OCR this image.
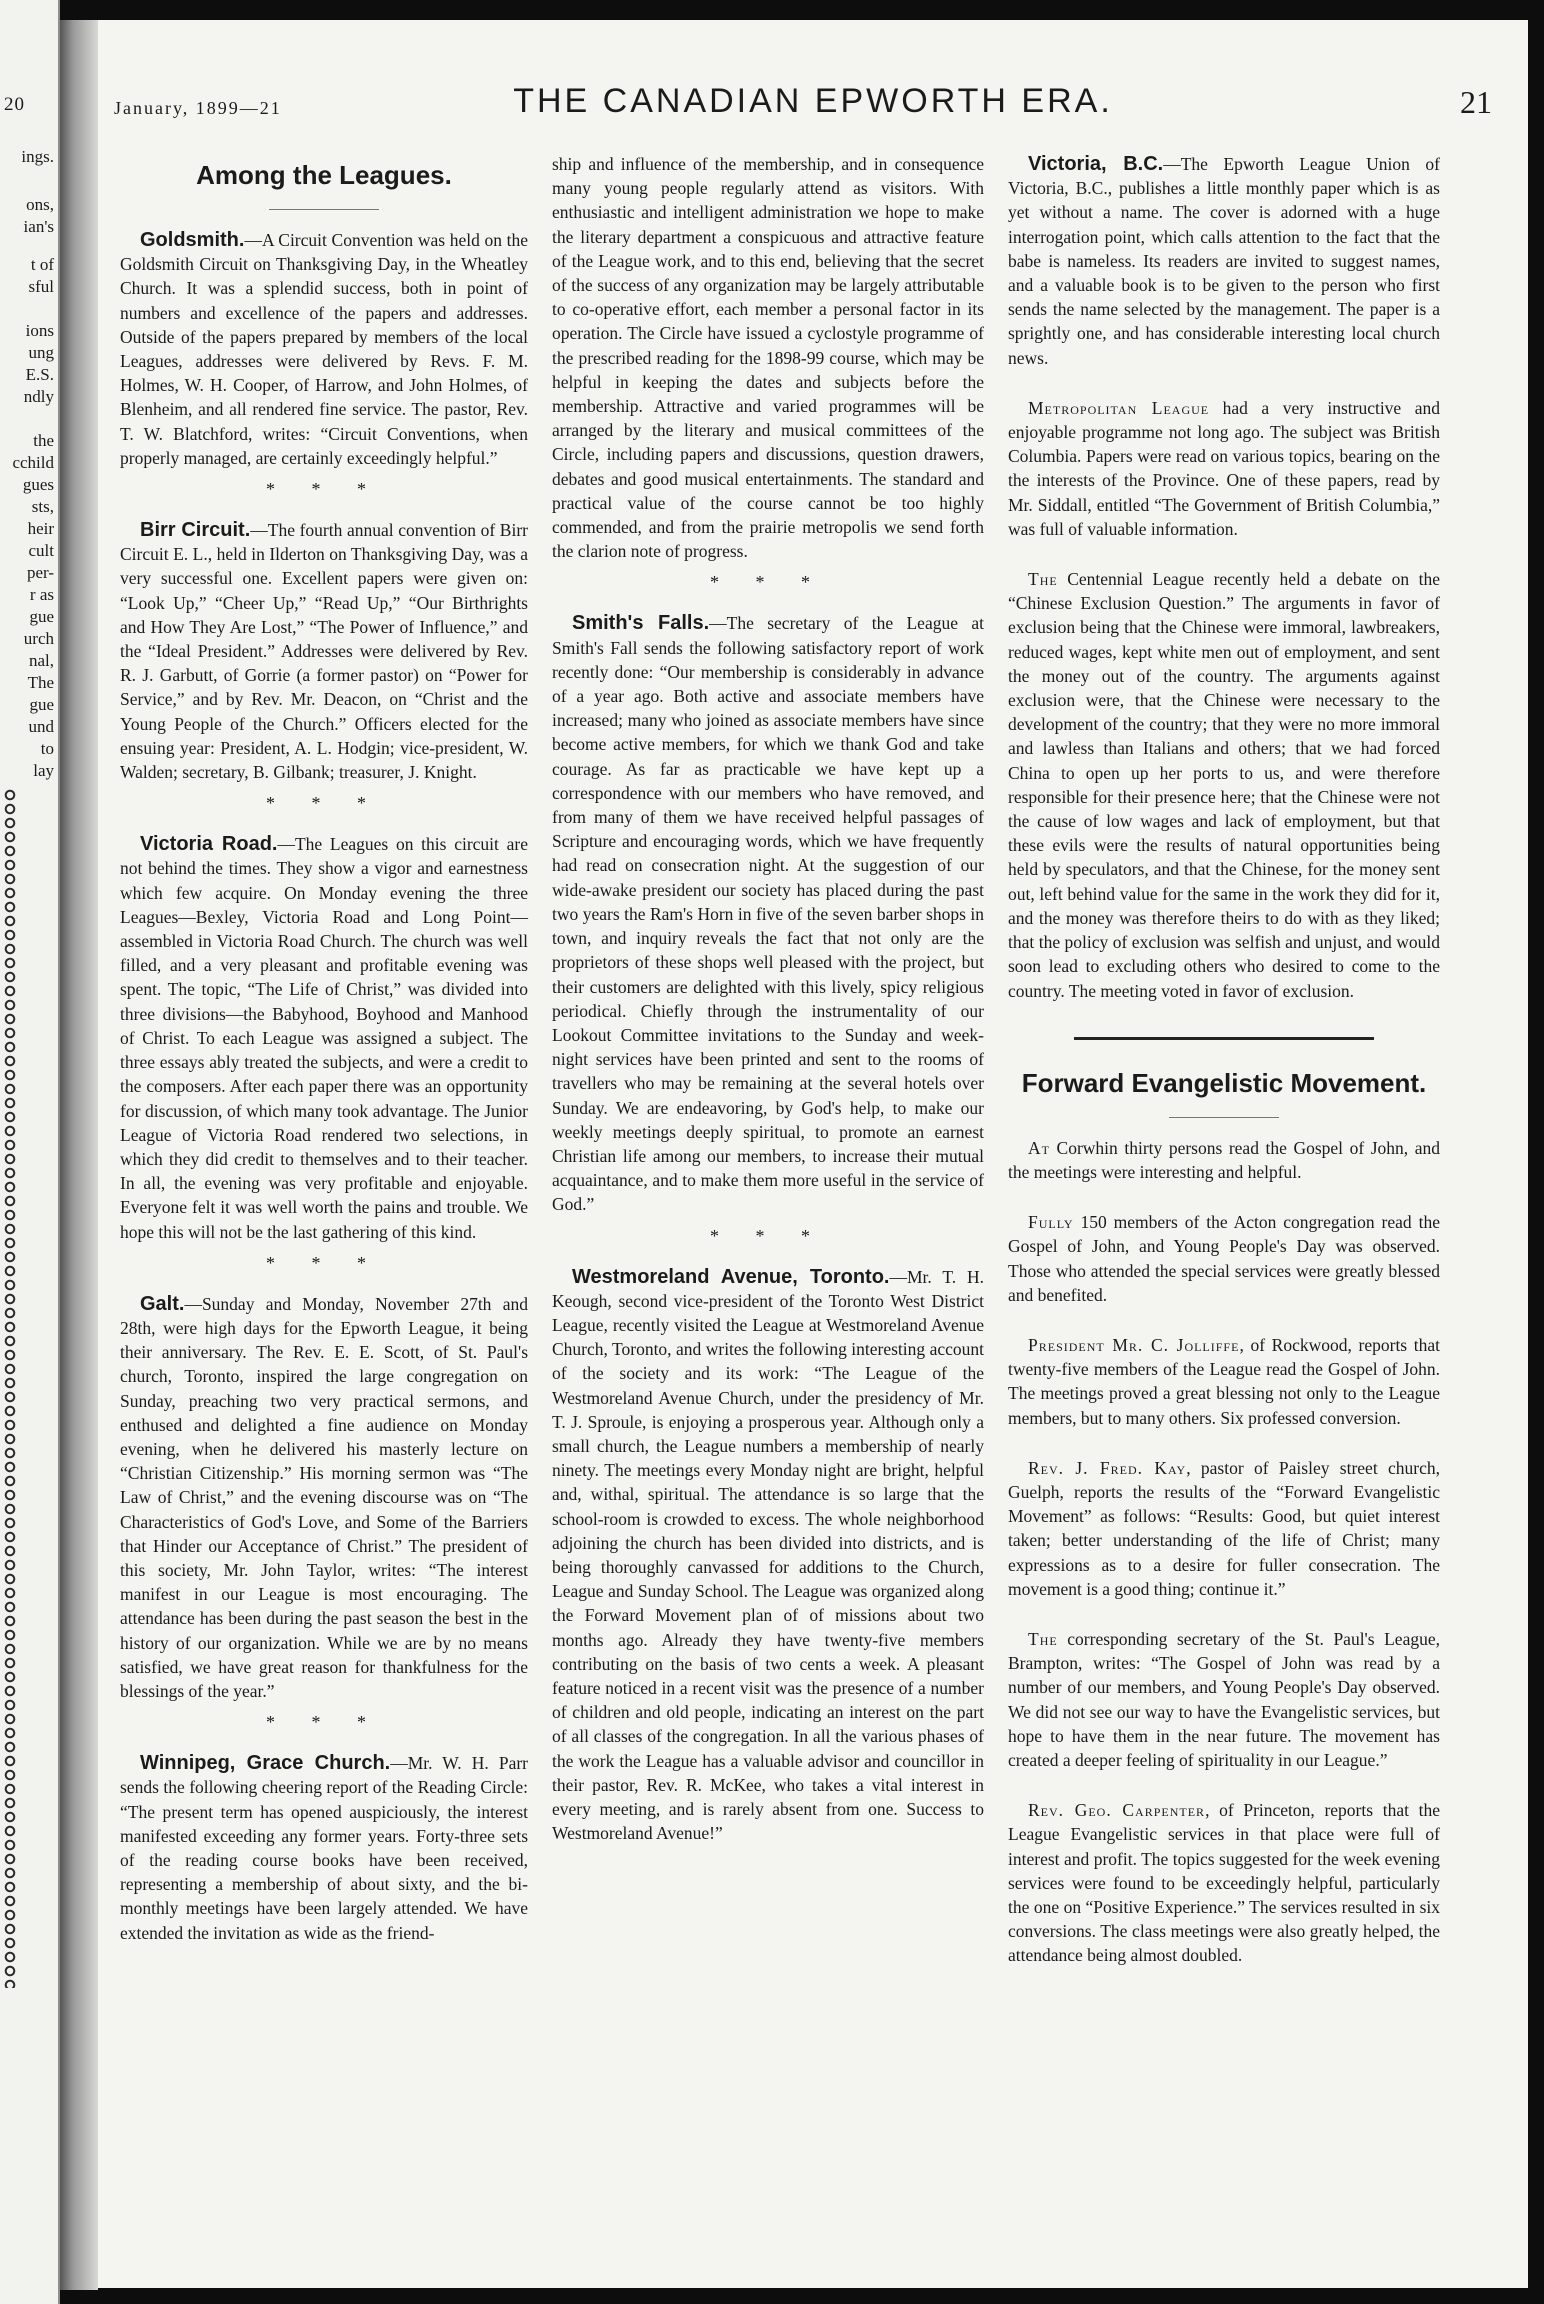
20
ings.
ons,
ian's
t of
sful
ions
ung
E.S.
ndly
the
cchild
gues
sts,
heir
cult
per-
r as
gue
urch
nal,
The
gue
und
to
lay
January, 1899—21	THE CANADIAN EPWORTH ERA.	21
Among the Leagues.

Goldsmith.—A Circuit Convention was held on the Goldsmith Circuit on Thanksgiving Day, in the Wheatley Church. It was a splendid success, both in point of numbers and excellence of the papers and addresses. Outside of the papers prepared by members of the local Leagues, addresses were delivered by Revs. F. M. Holmes, W. H. Cooper, of Harrow, and John Holmes, of Blenheim, and all rendered fine service. The pastor, Rev. T. W. Blatchford, writes: “Circuit Conventions, when properly managed, are certainly exceedingly helpful.”

* * *

Birr Circuit.—The fourth annual convention of Birr Circuit E. L., held in Ilderton on Thanksgiving Day, was a very successful one. Excellent papers were given on: “Look Up,” “Cheer Up,” “Read Up,” “Our Birthrights and How They Are Lost,” “The Power of Influence,” and the “Ideal President.” Addresses were delivered by Rev. R. J. Garbutt, of Gorrie (a former pastor) on “Power for Service,” and by Rev. Mr. Deacon, on “Christ and the Young People of the Church.” Officers elected for the ensuing year: President, A. L. Hodgin; vice-president, W. Walden; secretary, B. Gilbank; treasurer, J. Knight.

* * *

Victoria Road.—The Leagues on this circuit are not behind the times. They show a vigor and earnestness which few acquire. On Monday evening the three Leagues—Bexley, Victoria Road and Long Point—assembled in Victoria Road Church. The church was well filled, and a very pleasant and profitable evening was spent. The topic, “The Life of Christ,” was divided into three divisions—the Babyhood, Boyhood and Manhood of Christ. To each League was assigned a subject. The three essays ably treated the subjects, and were a credit to the composers. After each paper there was an opportunity for discussion, of which many took advantage. The Junior League of Victoria Road rendered two selections, in which they did credit to themselves and to their teacher. In all, the evening was very profitable and enjoyable. Everyone felt it was well worth the pains and trouble. We hope this will not be the last gathering of this kind.

* * *

Galt.—Sunday and Monday, November 27th and 28th, were high days for the Epworth League, it being their anniversary. The Rev. E. E. Scott, of St. Paul's church, Toronto, inspired the large congregation on Sunday, preaching two very practical sermons, and enthused and delighted a fine audience on Monday evening, when he delivered his masterly lecture on “Christian Citizenship.” His morning sermon was “The Law of Christ,” and the evening discourse was on “The Characteristics of God's Love, and Some of the Barriers that Hinder our Acceptance of Christ.” The president of this society, Mr. John Taylor, writes: “The interest manifest in our League is most encouraging. The attendance has been during the past season the best in the history of our organization. While we are by no means satisfied, we have great reason for thankfulness for the blessings of the year.”

* * *

Winnipeg, Grace Church.—Mr. W. H. Parr sends the following cheering report of the Reading Circle: “The present term has opened auspiciously, the interest manifested exceeding any former years. Forty-three sets of the reading course books have been received, representing a membership of about sixty, and the bi-monthly meetings have been largely attended. We have extended the invitation as wide as the friend-

ship and influence of the membership, and in consequence many young people regularly attend as visitors. With enthusiastic and intelligent administration we hope to make the literary department a conspicuous and attractive feature of the League work, and to this end, believing that the secret of the success of any organization may be largely attributable to co-operative effort, each member a personal factor in its operation. The Circle have issued a cyclostyle programme of the prescribed reading for the 1898-99 course, which may be helpful in keeping the dates and subjects before the membership. Attractive and varied programmes will be arranged by the literary and musical committees of the Circle, including papers and discussions, question drawers, debates and good musical entertainments. The standard and practical value of the course cannot be too highly commended, and from the prairie metropolis we send forth the clarion note of progress.

* * *

Smith's Falls.—The secretary of the League at Smith's Fall sends the following satisfactory report of work recently done: “Our membership is considerably in advance of a year ago. Both active and associate members have increased; many who joined as associate members have since become active members, for which we thank God and take courage. As far as practicable we have kept up a correspondence with our members who have removed, and from many of them we have received helpful passages of Scripture and encouraging words, which we have frequently had read on consecration night. At the suggestion of our wide-awake president our society has placed during the past two years the Ram's Horn in five of the seven barber shops in town, and inquiry reveals the fact that not only are the proprietors of these shops well pleased with the project, but their customers are delighted with this lively, spicy religious periodical. Chiefly through the instrumentality of our Lookout Committee invitations to the Sunday and week-night services have been printed and sent to the rooms of travellers who may be remaining at the several hotels over Sunday. We are endeavoring, by God's help, to make our weekly meetings deeply spiritual, to promote an earnest Christian life among our members, to increase their mutual acquaintance, and to make them more useful in the service of God.”

* * *

Westmoreland Avenue, Toronto.—Mr. T. H. Keough, second vice-president of the Toronto West District League, recently visited the League at Westmoreland Avenue Church, Toronto, and writes the following interesting account of the society and its work: “The League of the Westmoreland Avenue Church, under the presidency of Mr. T. J. Sproule, is enjoying a prosperous year. Although only a small church, the League numbers a membership of nearly ninety. The meetings every Monday night are bright, helpful and, withal, spiritual. The attendance is so large that the school-room is crowded to excess. The whole neighborhood adjoining the church has been divided into districts, and is being thoroughly canvassed for additions to the Church, League and Sunday School. The League was organized along the Forward Movement plan of of missions about two months ago. Already they have twenty-five members contributing on the basis of two cents a week. A pleasant feature noticed in a recent visit was the presence of a number of children and old people, indicating an interest on the part of all classes of the congregation. In all the various phases of the work the League has a valuable advisor and councillor in their pastor, Rev. R. McKee, who takes a vital interest in every meeting, and is rarely absent from one. Success to Westmoreland Avenue!”

Victoria, B.C.—The Epworth League Union of Victoria, B.C., publishes a little monthly paper which is as yet without a name. The cover is adorned with a huge interrogation point, which calls attention to the fact that the babe is nameless. Its readers are invited to suggest names, and a valuable book is to be given to the person who first sends the name selected by the management. The paper is a sprightly one, and has considerable interesting local church news.

Metropolitan League had a very instructive and enjoyable programme not long ago. The subject was British Columbia. Papers were read on various topics, bearing on the the interests of the Province. One of these papers, read by Mr. Siddall, entitled “The Government of British Columbia,” was full of valuable information.

The Centennial League recently held a debate on the “Chinese Exclusion Question.” The arguments in favor of exclusion being that the Chinese were immoral, lawbreakers, reduced wages, kept white men out of employment, and sent the money out of the country. The arguments against exclusion were, that the Chinese were necessary to the development of the country; that they were no more immoral and lawless than Italians and others; that we had forced China to open up her ports to us, and were therefore responsible for their presence here; that the Chinese were not the cause of low wages and lack of employment, but that these evils were the results of natural opportunities being held by speculators, and that the Chinese, for the money sent out, left behind value for the same in the work they did for it, and the money was therefore theirs to do with as they liked; that the policy of exclusion was selfish and unjust, and would soon lead to excluding others who desired to come to the country. The meeting voted in favor of exclusion.

Forward Evangelistic Movement.

At Corwhin thirty persons read the Gospel of John, and the meetings were interesting and helpful.

Fully 150 members of the Acton congregation read the Gospel of John, and Young People's Day was observed. Those who attended the special services were greatly blessed and benefited.

President Mr. C. Jolliffe, of Rockwood, reports that twenty-five members of the League read the Gospel of John. The meetings proved a great blessing not only to the League members, but to many others. Six professed conversion.

Rev. J. Fred. Kay, pastor of Paisley street church, Guelph, reports the results of the “Forward Evangelistic Movement” as follows: “Results: Good, but quiet interest taken; better understanding of the life of Christ; many expressions as to a desire for fuller consecration. The movement is a good thing; continue it.”

The corresponding secretary of the St. Paul's League, Brampton, writes: “The Gospel of John was read by a number of our members, and Young People's Day observed. We did not see our way to have the Evangelistic services, but hope to have them in the near future. The movement has created a deeper feeling of spirituality in our League.”

Rev. Geo. Carpenter, of Princeton, reports that the League Evangelistic services in that place were full of interest and profit. The topics suggested for the week evening services were found to be exceedingly helpful, particularly the one on “Positive Experience.” The services resulted in six conversions. The class meetings were also greatly helped, the attendance being almost doubled.
